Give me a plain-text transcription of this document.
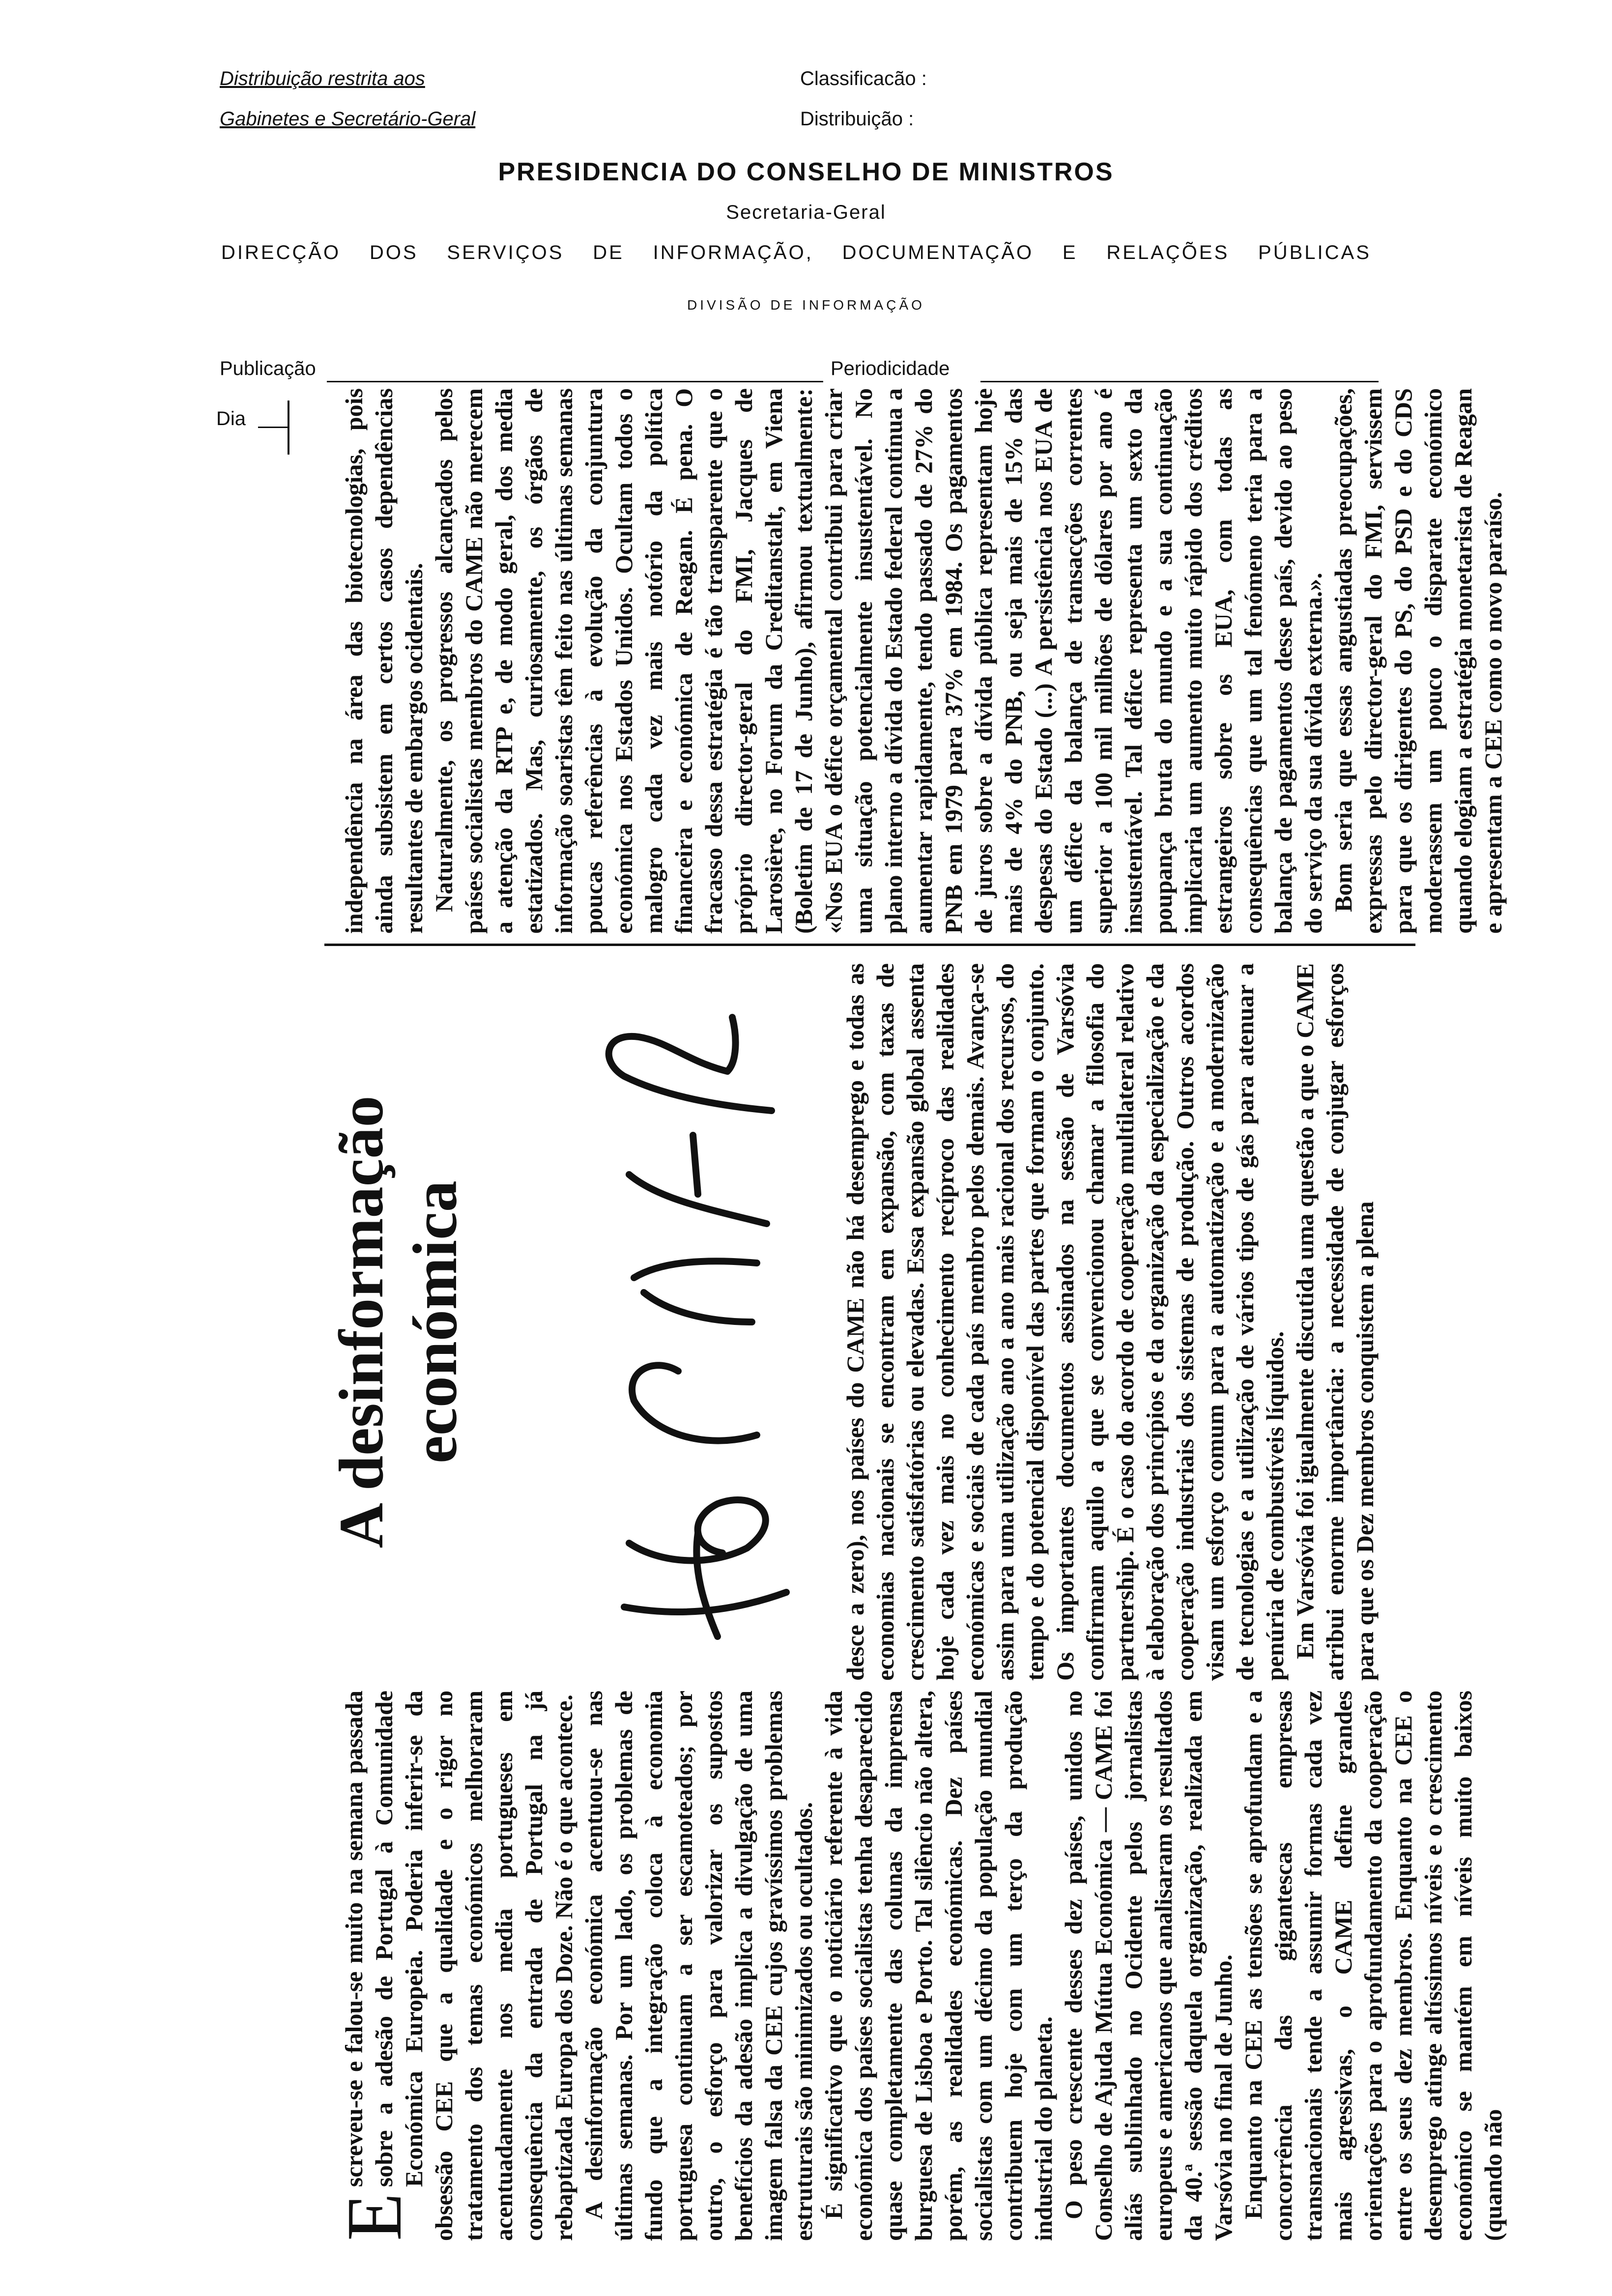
Distribuição restrita aos
Gabinetes e Secretário-Geral
Classificacão :
Distribuição :
PRESIDENCIA DO CONSELHO DE MINISTROS
Secretaria-Geral
DIRECÇÃO DOS SERVIÇOS DE INFORMAÇÃO, DOCUMENTAÇÃO E RELAÇÕES PÚBLICAS
DIVISÃO DE INFORMAÇÃO
Publicação	Periodicidade
Dia

E
screveu-se e falou-se muito na semana passada sobre a adesão de Portugal à Comunidade Económica Europeia. Poderia inferir-se da obsessão CEE que a qualidade e o rigor no tratamento dos temas económicos melhoraram acentuadamente nos media portugueses em consequência da entrada de Portugal na já rebaptizada Europa dos Doze. Não é o que acontece. A desinformação económica acentuou-se nas últimas semanas. Por um lado, os problemas de fundo que a integração coloca à economia portuguesa continuam a ser escamoteados; por outro, o esforço para valorizar os supostos benefícios da adesão implica a divulgação de uma imagem falsa da CEE cujos gravíssimos problemas estruturais são minimizados ou ocultados. É significativo que o noticiário referente à vida económica dos países socialistas tenha desaparecido quase completamente das colunas da imprensa burguesa de Lisboa e Porto. Tal silêncio não altera, porém, as realidades económicas. Dez países socialistas com um décimo da população mundial contribuem hoje com um terço da produção industrial do planeta. O peso crescente desses dez países, unidos no Conselho de Ajuda Mútua Económica — CAME foi aliás sublinhado no Ocidente pelos jornalistas europeus e americanos que analisaram os resultados da 40.ª sessão daquela organização, realizada em Varsóvia no final de Junho. Enquanto na CEE as tensões se aprofundam e a concorrência das gigantescas empresas transnacionais tende a assumir formas cada vez mais agressivas, o CAME define grandes orientações para o aprofundamento da cooperação entre os seus dez membros. Enquanto na CEE o desemprego atinge altíssimos níveis e o crescimento económico se mantém em níveis muito baixos (quando não

A desinformação económica	desce a zero), nos países do CAME não há desemprego e todas as economias nacionais se encontram em expansão, com taxas de crescimento satisfatórias ou elevadas. Essa expansão global assenta hoje cada vez mais no conhecimento recíproco das realidades económicas e sociais de cada país membro pelos demais. Avança-se assim para uma utilização ano a ano mais racional dos recursos, do tempo e do potencial disponível das partes que formam o conjunto. Os importantes documentos assinados na sessão de Varsóvia confirmam aquilo a que se convencionou chamar a filosofia do partnership. É o caso do acordo de cooperação multilateral relativo à elaboração dos princípios e da organização da especialização e da cooperação industriais dos sistemas de produção. Outros acordos visam um esforço comum para a automatização e a modernização de tecnologias e a utilização de vários tipos de gás para atenuar a penúria de combustíveis líquidos. Em Varsóvia foi igualmente discutida uma questão a que o CAME atribui enorme importância: a necessidade de conjugar esforços para que os Dez membros conquistem a plena

independência na área das biotecnologias, pois ainda subsistem em certos casos dependências resultantes de embargos ocidentais. Naturalmente, os progressos alcançados pelos países socialistas membros do CAME não merecem a atenção da RTP e, de modo geral, dos media estatizados. Mas, curiosamente, os órgãos de informação soaristas têm feito nas últimas semanas poucas referências à evolução da conjuntura económica nos Estados Unidos. Ocultam todos o malogro cada vez mais notório da política financeira e económica de Reagan. É pena. O fracasso dessa estratégia é tão transparente que o próprio director-geral do FMI, Jacques de Larosière, no Forum da Creditanstalt, em Viena (Boletim de 17 de Junho), afirmou textualmente: «Nos EUA o défice orçamental contribui para criar uma situação potencialmente insustentável. No plano interno a dívida do Estado federal continua a aumentar rapidamente, tendo passado de 27% do PNB em 1979 para 37% em 1984. Os pagamentos de juros sobre a dívida pública representam hoje mais de 4% do PNB, ou seja mais de 15% das despesas do Estado (...) A persistência nos EUA de um défice da balança de transacções correntes superior a 100 mil milhões de dólares por ano é insustentável. Tal défice representa um sexto da poupança bruta do mundo e a sua continuação implicaria um aumento muito rápido dos créditos estrangeiros sobre os EUA, com todas as consequências que um tal fenómeno teria para a balança de pagamentos desse país, devido ao peso do serviço da sua dívida externa.». Bom seria que essas angustiadas preocupações, expressas pelo director-geral do FMI, servissem para que os dirigentes do PS, do PSD e do CDS moderassem um pouco o disparate económico quando elogiam a estratégia monetarista de Reagan e apresentam a CEE como o novo paraíso.
